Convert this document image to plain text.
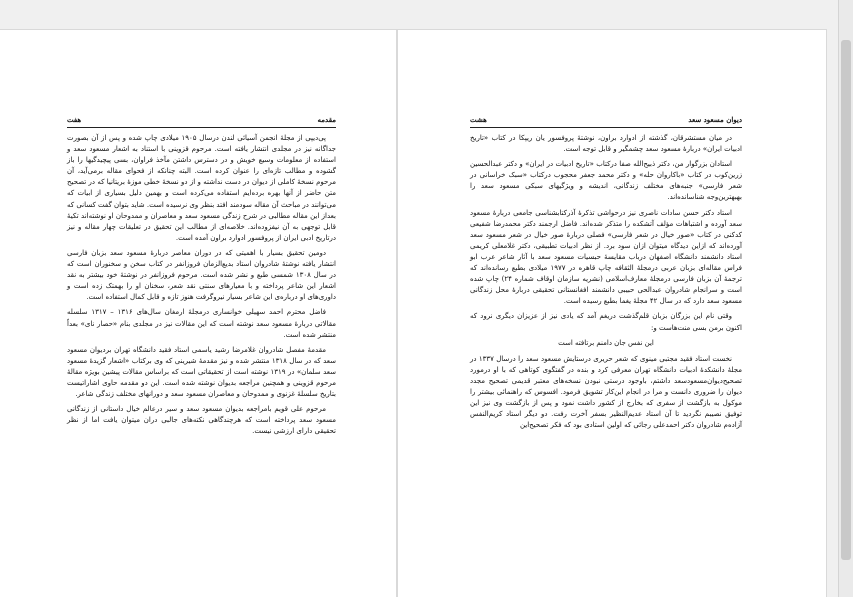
هفت	مقدمه

پی‌دیپی از مجلهٔ انجمن آسیائی لندن درسال ۱۹۰۵ میلادی چاپ شده و پس از آن بصورت جداگانه نیز در مجلدی انتشار یافته است. مرحوم قزوینی با استناد به اشعار مسعود سعد و استفاده از معلومات وسیع خویش و در دسترس داشتن مآخذ فراوان، بسی پیچیدگیها را باز گشوده و مطالب تازه‌ای را عنوان کرده است. البته چنانکه از فحوای مقاله برمی‌آید، آن مرحوم نسخهٔ کاملی از دیوان در دست نداشته و از دو نسخهٔ خطی موزهٔ بریتانیا که در تصحیح متن حاضر از آنها بهره برده‌ایم استفاده می‌کرده است و بهمین دلیل بسیاری از ابیات که می‌توانند در مباحث آن مقاله سودمند افتد بنظر وی نرسیده است. شاید بتوان گفت کسانی که بعداز این مقاله مطالبی در شرح زندگی مسعود سعد و معاصران و ممدوحان او نوشته‌اند تکیهٔ قابل توجهی به آن نیفزوده‌اند. خلاصه‌ای از مطالب این تحقیق در تعلیقات چهار مقاله و نیز درتاریخ ادبی ایران از پروفسور ادوارد براون آمده است.

دومین تحقیق بسیار با اهمیتی که در دوران معاصر دربارهٔ مسعود سعد بزبان فارسی انتشار یافته نوشتهٔ شادروان استاد بدیع‌الزمان فروزانفر در کتاب سخن و سخنوران است که در سال ۱۳۰۸ شمسی طبع و نشر شده است. مرحوم فروزانفر در نوشتهٔ خود بیشتر به نقد اشعار این شاعر پرداخته و با معیارهای سنتی نقد شعر، سخنان او را بهمتک زده است و داوری‌های او درباره‌ی این شاعر بسیار نیروگرفت هنوز تازه و قابل کمال استفاده است.

فاضل محترم احمد سهیلی خوانساری درمجلهٔ ارمغان سال‌های ۱۳۱۶ – ۱۳۱۷ سلسله مقالاتی دربارهٔ مسعود سعد نوشته است که این مقالات نیز در مجلدی بنام «حصار نای» بعداً منتشر شده است.

مقدمهٔ مفصل شادروان غلامرضا رشید یاسمی استاد فقید دانشگاه تهران بردیوان مسعود سعد که در سال ۱۳۱۸ منتشر شده و نیز مقدمهٔ شیرینی که وی برکتاب «اشعار گزیدهٔ مسعود سعد سلمان» در ۱۳۱۹ نوشته است از تحقیقاتی است که براساس مقالات پیشین بویژه مقالهٔ مرحوم قزوینی و همچنین مراجعه بدیوان نوشته شده است. این دو مقدمه حاوی اشاراتیست بتاریخ سلسلهٔ غزنوی و ممدوحان و معاصران مسعود سعد و دورانهای مختلف زندگی شاعر.

مرحوم علی قویم بامراجعه بدیوان مسعود سعد و سیر درعالم خیال داستانی از زندگانی مسعود سعد پرداخته است که هرچندگاهی نکته‌های جالبی دران میتوان یافت اما از نظر تحقیقی دارای ارزشی نیست.

هشت	دیوان مسعود سعد

در میان مستشرقان، گذشته از ادوارد براون، نوشتهٔ پروفسور یان ریپکا در کتاب «تاریخ ادبیات ایران» دربارهٔ مسعود سعد چشمگیر و قابل توجه است.

استادان بزرگوار من، دکتر ذبیح‌الله صفا درکتاب «تاریخ ادبیات در ایران» و دکتر عبدالحسین زرین‌کوب در کتاب «باکاروان حله» و دکتر محمد جعفر محجوب درکتاب «سبک خراسانی در شعر فارسی» جنبه‌های مختلف زندگانی، اندیشه و ویژگیهای سبکی مسعود سعد را بهبهترین‌وجه شناسانده‌اند.

استاد دکتر حسن سادات ناصری نیز درحواشی تذکرهٔ آذرکتابشناسی جامعی دربارهٔ مسعود سعد آورده و اشتباهات مؤلف آتشکده را متذکر شده‌اند. فاضل ارجمند دکتر محمدرضا شفیعی کدکنی در کتاب «صور خیال در شعر فارسی» فصلی دربارهٔ صور خیال در شعر مسعود سعد آورده‌اند که ازاین دیدگاه میتوان ازان سود برد. از نظر ادبیات تطبیقی، دکتر غلامعلی کریمی استاد دانشمند دانشگاه اصفهان درباب مقایسهٔ حبسیات مسعود سعد با آثار شاعر عرب ابو فراس مقاله‌ای بزبان عربی درمجلهٔ الثقافه چاپ قاهره در ۱۹۷۷ میلادی بطبع رسانده‌اند که ترجمهٔ آن بزبان فارسی درمجلهٔ معارف‌اسلامی (نشریه سازمان اوقاف شماره ۲۴) چاپ شده است و سرانجام شادروان عبدالحی حبیبی دانشمند افغانستانی تحقیقی دربارهٔ محل زندگانی مسعود سعد دارد که در سال ۴۲ مجلهٔ یغما بطبع رسیده است.

وقتی نام این بزرگان بزبان قلم‌گذشت دریغم آمد که یادی نیز از عزیزان دیگری نرود که اکنون برمن بسی منت‌هاست و:

این نفس جان دامنم برتافته است

نخست استاد فقید مجتبی مینوی که شعر حریری درستایش مسعود سعد را درسال ۱۳۳۷ در مجلهٔ دانشکدهٔ ادبیات دانشگاه تهران معرفی کرد و بنده در گفتگوی کوتاهی که با او درمورد تصحیح‌دیوان‌مسعودسعد داشتم، باوجود درستی نبودن نسخه‌های معتبر قدیمی تصحیح مجدد دیوان را ضروری دانست و مرا در انجام این‌کار تشویق فرمود. افسوس که راهنمائی بیشتر را موکول به بازگشت از سفری که بخارج از کشور داشت نمود و پس از بازگشت وی نیز این توفیق نصیبم نگردید تا آن استاد عدیم‌النظیر بسفر آخرت رفت. دو دیگر استاد کریم‌النفس آزاده‌م شادروان دکتر احمدعلی رجائی که اولین استادی بود که فکر تصحیح‌این
